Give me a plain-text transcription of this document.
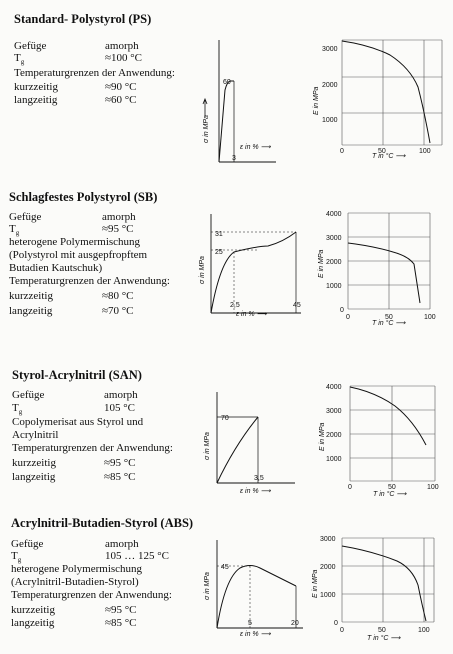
Standard- Polystyrol (PS)
Gefüge	amorph
$T_g$	≈100 °C
Temperaturgrenzen der Anwendung:
kurzzeitig	≈90 °C
langzeitig	≈60 °C
60
3
σ in MPa
ε in % ⟶
3000
2000
1000
0	50	100
E in MPa
T in °C ⟶
Schlagfestes Polystyrol (SB)
Gefüge	amorph
$T_g$	≈95 °C
heterogene Polymermischung
(Polystyrol mit ausgepfropftem
Butadien Kautschuk)
Temperaturgrenzen der Anwendung:
kurzzeitig	≈80 °C
langzeitig	≈70 °C
31
25
2,5	45
σ in MPa
ε in % ⟶
4000
3000
2000
1000
0
0	50	100
E in MPa
T in °C ⟶
Styrol-Acrylnitril (SAN)
Gefüge	amorph
$T_g$	105 °C
Copolymerisat aus Styrol und
Acrylnitril
Temperaturgrenzen der Anwendung:
kurzzeitig	≈95 °C
langzeitig	≈85 °C
70
3,5
σ in MPa
ε in % ⟶
4000
3000
2000
1000
0	50	100
E in MPa
T in °C ⟶
Acrylnitril-Butadien-Styrol (ABS)
Gefüge	amorph
$T_g$	105 … 125 °C
heterogene Polymermischung
(Acrylnitril-Butadien-Styrol)
Temperaturgrenzen der Anwendung:
kurzzeitig	≈95 °C
langzeitig	≈85 °C
45
5	20
σ in MPa
ε in % ⟶
3000
2000
1000
0
0	50	100
E in MPa
T in °C ⟶
